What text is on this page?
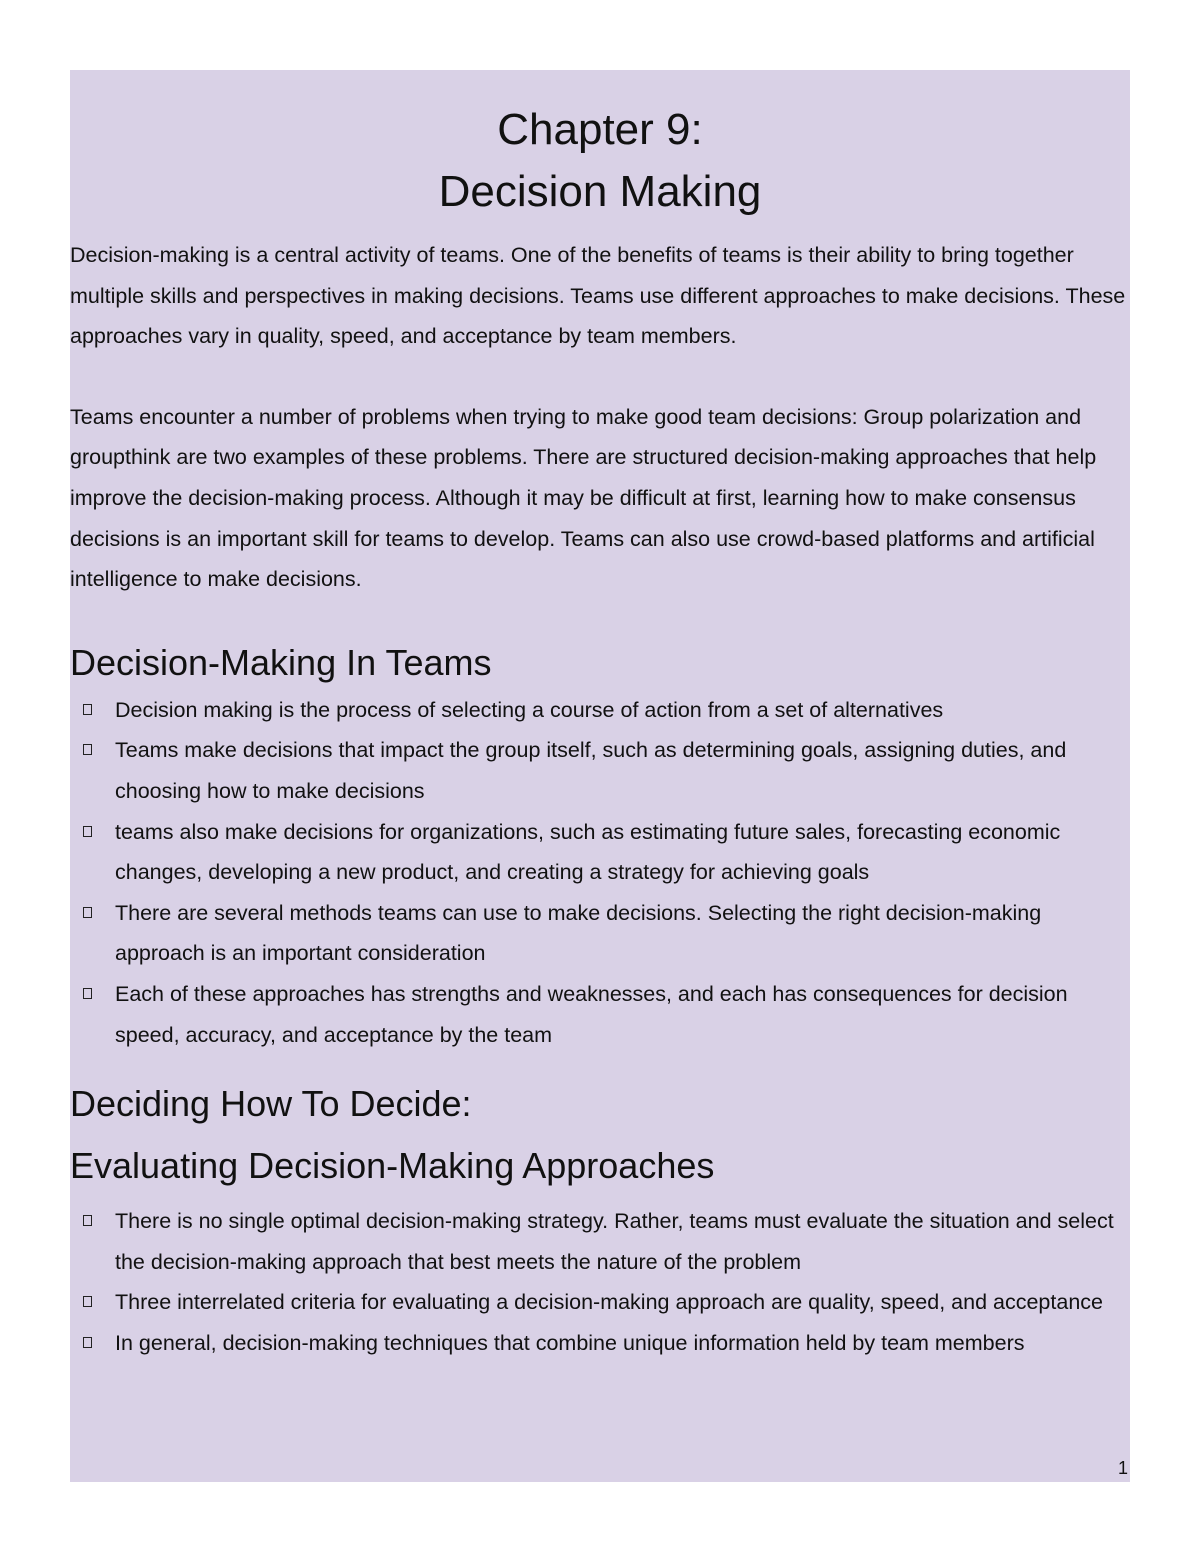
Chapter 9:
Decision Making

Decision-making is a central activity of teams. One of the benefits of teams is their ability to bring together multiple skills and perspectives in making decisions. Teams use different approaches to make decisions. These approaches vary in quality, speed, and acceptance by team members.

Teams encounter a number of problems when trying to make good team decisions: Group polarization and groupthink are two examples of these problems. There are structured decision-making approaches that help improve the decision-making process. Although it may be difficult at first, learning how to make consensus decisions is an important skill for teams to develop. Teams can also use crowd-based platforms and artificial intelligence to make decisions.

Decision-Making In Teams
Decision making is the process of selecting a course of action from a set of alternatives
Teams make decisions that impact the group itself, such as determining goals, assigning duties, and choosing how to make decisions
teams also make decisions for organizations, such as estimating future sales, forecasting economic changes, developing a new product, and creating a strategy for achieving goals
There are several methods teams can use to make decisions. Selecting the right decision-making approach is an important consideration
Each of these approaches has strengths and weaknesses, and each has consequences for decision speed, accuracy, and acceptance by the team
Deciding How To Decide:
Evaluating Decision-Making Approaches
There is no single optimal decision-making strategy. Rather, teams must evaluate the situation and select the decision-making approach that best meets the nature of the problem
Three interrelated criteria for evaluating a decision-making approach are quality, speed, and acceptance
In general, decision-making techniques that combine unique information held by team members
1
